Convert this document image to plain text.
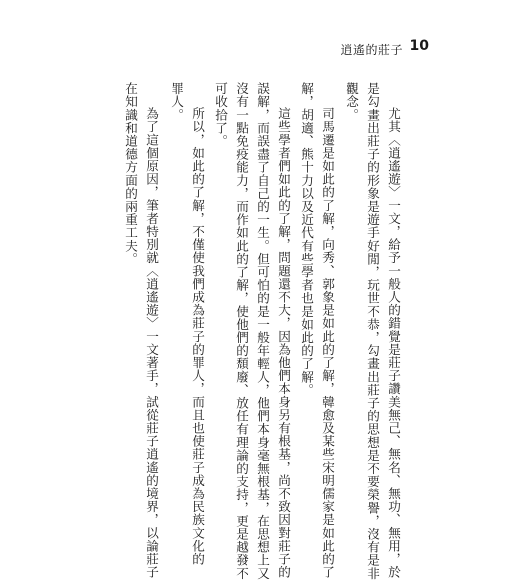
逍遙的莊子 10
尤其〈逍遙遊〉一文，給予一般人的錯覺是莊子讚美無己、無名、無功、無用，於
是勾畫出莊子的形象是遊手好閒，玩世不恭，勾畫出莊子的思想是不要榮譽，沒有是非
觀念。
司馬遷是如此的了解，向秀、郭象是如此的了解，韓愈及某些宋明儒家是如此的了
解，胡適、熊十力以及近代有些學者也是如此的了解。
這些學者們如此的了解，問題還不大，因為他們本身另有根基，尚不致因對莊子的
誤解，而誤盡了自己的一生。但可怕的是一般年輕人，他們本身毫無根基，在思想上又
沒有一點免疫能力，而作如此的了解，使他們的頹廢、放任有理論的支持，更是越發不
可收拾了。
所以，如此的了解，不僅使我們成為莊子的罪人，而且也使莊子成為民族文化的
罪人。
為了這個原因，筆者特別就〈逍遙遊〉一文著手，試從莊子逍遙的境界，以論莊子
在知識和道德方面的兩重工夫。
